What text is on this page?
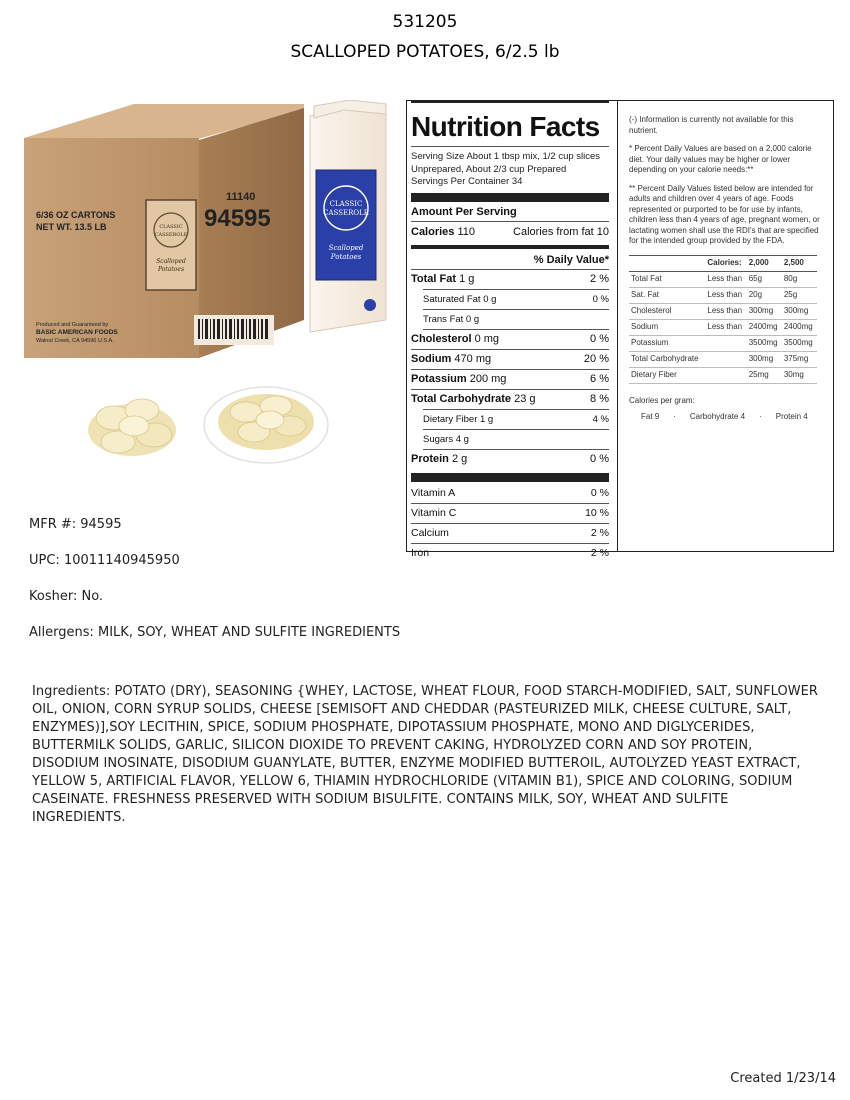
531205
SCALLOPED POTATOES, 6/2.5 lb
6/36 OZ CARTONS
NET WT. 13.5 LB
11140
94595
CLASSIC
CASSEROLE
Scalloped
Potatoes
Produced and Guaranteed by
BASIC AMERICAN FOODS
Walnut Creek, CA 94596 U.S.A.
CLASSIC
CASSEROLE
Scalloped
Potatoes
MFR #: 94595
UPC: 10011140945950
Kosher: No.
Allergens: MILK, SOY, WHEAT AND SULFITE INGREDIENTS
Ingredients: POTATO (DRY), SEASONING {WHEY, LACTOSE, WHEAT FLOUR, FOOD STARCH-MODIFIED, SALT, SUNFLOWER OIL, ONION, CORN SYRUP SOLIDS, CHEESE [SEMISOFT AND CHEDDAR (PASTEURIZED MILK, CHEESE CULTURE, SALT, ENZYMES)],SOY LECITHIN, SPICE, SODIUM PHOSPHATE, DIPOTASSIUM PHOSPHATE, MONO AND DIGLYCERIDES, BUTTERMILK SOLIDS, GARLIC, SILICON DIOXIDE TO PREVENT CAKING, HYDROLYZED CORN AND SOY PROTEIN, DISODIUM INOSINATE, DISODIUM GUANYLATE, BUTTER, ENZYME MODIFIED BUTTEROIL, AUTOLYZED YEAST EXTRACT, YELLOW 5, ARTIFICIAL FLAVOR, YELLOW 6, THIAMIN HYDROCHLORIDE (VITAMIN B1), SPICE AND COLORING, SODIUM CASEINATE. FRESHNESS PRESERVED WITH SODIUM BISULFITE. CONTAINS MILK, SOY, WHEAT AND SULFITE INGREDIENTS.
Created 1/23/14
Nutrition Facts
Serving Size About 1 tbsp mix, 1/2 cup slices
Unprepared, About 2/3 cup Prepared
Servings Per Container 34
Amount Per Serving
Calories 110	Calories from fat 10
% Daily Value*
Total Fat 1 g	2 %
Saturated Fat 0 g	0 %
Trans Fat 0 g
Cholesterol 0 mg	0 %
Sodium 470 mg	20 %
Potassium 200 mg	6 %
Total Carbohydrate 23 g	8 %
Dietary Fiber 1 g	4 %
Sugars 4 g
Protein 2 g	0 %
Vitamin A	0 %
Vitamin C	10 %
Calcium	2 %
Iron	2 %

(-) Information is currently not available for this nutrient.

* Percent Daily Values are based on a 2,000 calorie diet. Your daily values may be higher or lower depending on your calorie needs:**

** Percent Daily Values listed below are intended for adults and children over 4 years of age. Foods represented or purported to be for use by infants, children less than 4 years of age, pregnant women, or lactating women shall use the RDI's that are specified for the intended group provided by the FDA.

	Calories:	2,000	2,500
Total Fat	Less than	65g	80g
Sat. Fat	Less than	20g	25g
Cholesterol	Less than	300mg	300mg
Sodium	Less than	2400mg	2400mg
Potassium		3500mg	3500mg
Total Carbohydrate		300mg	375mg
Dietary Fiber		25mg	30mg
Calories per gram:
Fat 9 · Carbohydrate 4 · Protein 4
